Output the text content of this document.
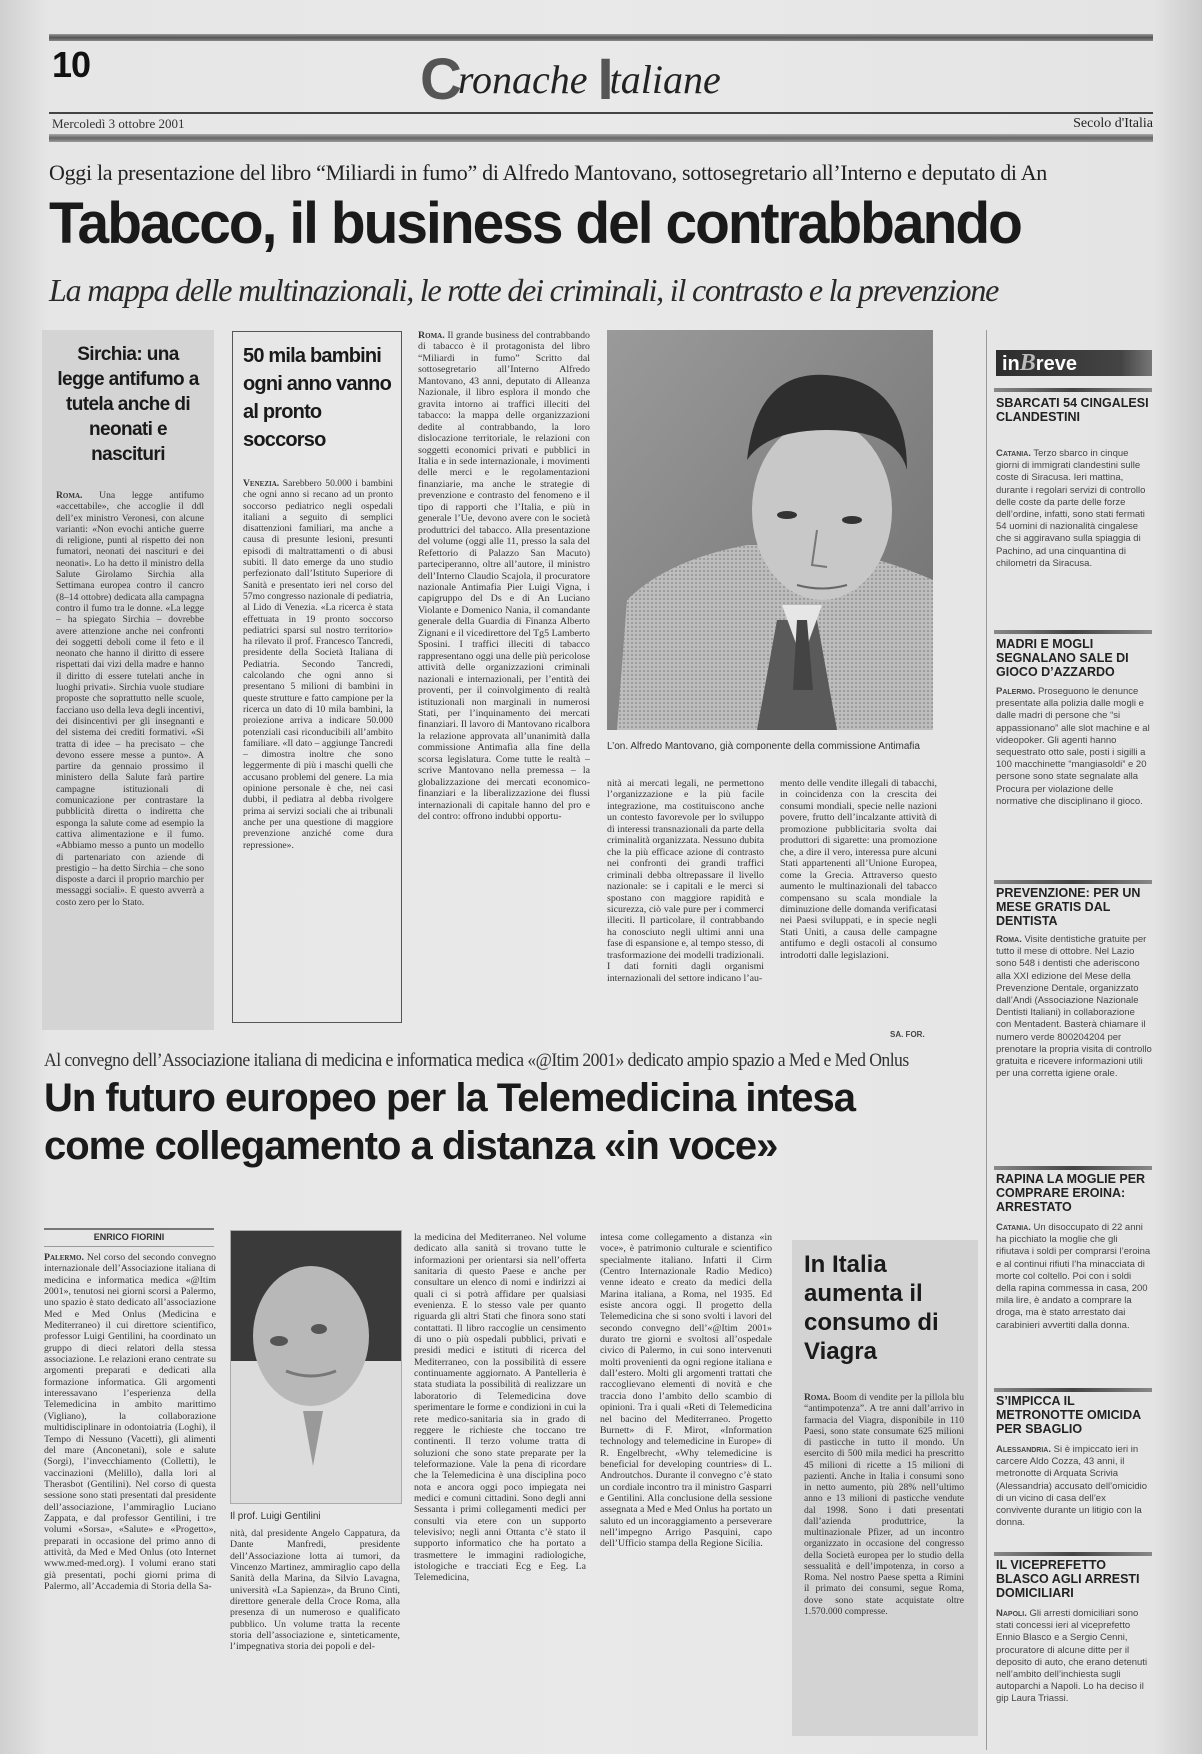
10	Cronache Italiane
Mercoledì 3 ottobre 2001	Secolo d'Italia
Oggi la presentazione del libro “Miliardi in fumo” di Alfredo Mantovano, sottosegretario all’Interno e deputato di An
Tabacco, il business del contrabbando
La mappa delle multinazionali, le rotte dei criminali, il contrasto e la prevenzione
Sirchia: una legge antifumo a tutela anche di neonati e nascituri
Roma. Una legge antifumo «accettabile», che accoglie il ddl dell’ex ministro Veronesi, con alcune varianti: «Non evochi antiche guerre di religione, punti al rispetto dei non fumatori, neonati dei nascituri e dei neonati». Lo ha detto il ministro della Salute Girolamo Sirchia alla Settimana europea contro il cancro (8–14 ottobre) dedicata alla campagna contro il fumo tra le donne. «La legge – ha spiegato Sirchia – dovrebbe avere attenzione anche nei confronti dei soggetti deboli come il feto e il neonato che hanno il diritto di essere rispettati dai vizi della madre e hanno il diritto di essere tutelati anche in luoghi privati». Sirchia vuole studiare proposte che soprattutto nelle scuole, facciano uso della leva degli incentivi, dei disincentivi per gli insegnanti e del sistema dei crediti formativi. «Si tratta di idee – ha precisato – che devono essere messe a punto». A partire da gennaio prossimo il ministero della Salute farà partire campagne istituzionali di comunicazione per contrastare la pubblicità diretta o indiretta che esponga la salute come ad esempio la cattiva alimentazione e il fumo. «Abbiamo messo a punto un modello di partenariato con aziende di prestigio – ha detto Sirchia – che sono disposte a darci il proprio marchio per messaggi sociali». E questo avverrà a costo zero per lo Stato.
50 mila bambini ogni anno vanno al pronto soccorso
Venezia. Sarebbero 50.000 i bambini che ogni anno si recano ad un pronto soccorso pediatrico negli ospedali italiani a seguito di semplici disattenzioni familiari, ma anche a causa di presunte lesioni, presunti episodi di maltrattamenti o di abusi subiti. Il dato emerge da uno studio perfezionato dall’Istituto Superiore di Sanità e presentato ieri nel corso del 57mo congresso nazionale di pediatria, al Lido di Venezia. «La ricerca è stata effettuata in 19 pronto soccorso pediatrici sparsi sul nostro territorio» ha rilevato il prof. Francesco Tancredi, presidente della Società Italiana di Pediatria. Secondo Tancredi, calcolando che ogni anno si presentano 5 milioni di bambini in queste strutture e fatto campione per la ricerca un dato di 10 mila bambini, la proiezione arriva a indicare 50.000 potenziali casi riconducibili all’ambito familiare. «Il dato – aggiunge Tancredi – dimostra inoltre che sono leggermente di più i maschi quelli che accusano problemi del genere. La mia opinione personale è che, nei casi dubbi, il pediatra al debba rivolgere prima ai servizi sociali che ai tribunali anche per una questione di maggiore prevenzione anziché come dura repressione».
Roma. Il grande business del contrabbando di tabacco è il protagonista del libro “Miliardi in fumo” Scritto dal sottosegretario all’Interno Alfredo Mantovano, 43 anni, deputato di Alleanza Nazionale, il libro esplora il mondo che gravita intorno ai traffici illeciti del tabacco: la mappa delle organizzazioni dedite al contrabbando, la loro dislocazione territoriale, le relazioni con soggetti economici privati e pubblici in Italia e in sede internazionale, i movimenti delle merci e le regolamentazioni finanziarie, ma anche le strategie di prevenzione e contrasto del fenomeno e il tipo di rapporti che l’Italia, e più in generale l’Ue, devono avere con le società produttrici del tabacco. Alla presentazione del volume (oggi alle 11, presso la sala del Refettorio di Palazzo San Macuto) parteciperanno, oltre all’autore, il ministro dell’Interno Claudio Scajola, il procuratore nazionale Antimafia Pier Luigi Vigna, i capigruppo del Ds e di An Luciano Violante e Domenico Nania, il comandante generale della Guardia di Finanza Alberto Zignani e il vicedirettore del Tg5 Lamberto Sposini. I traffici illeciti di tabacco rappresentano oggi una delle più pericolose attività delle organizzazioni criminali nazionali e internazionali, per l’entità dei proventi, per il coinvolgimento di realtà istituzionali non marginali in numerosi Stati, per l’inquinamento dei mercati finanziari. Il lavoro di Mantovano ricalbora la relazione approvata all’unanimità dalla commissione Antimafia alla fine della scorsa legislatura. Come tutte le realtà – scrive Mantovano nella premessa – la globalizzazione dei mercati economico-finanziari e la liberalizzazione dei flussi internazionali di capitale hanno del pro e del contro: offrono indubbi opportu-
L’on. Alfredo Mantovano, già componente della commissione Antimafia
nità ai mercati legali, ne permettono l’organizzazione e la più facile integrazione, ma costituiscono anche un contesto favorevole per lo sviluppo di interessi transnazionali da parte della criminalità organizzata. Nessuno dubita che la più efficace azione di contrasto nei confronti dei grandi traffici criminali debba oltrepassare il livello nazionale: se i capitali e le merci si spostano con maggiore rapidità e sicurezza, ciò vale pure per i commerci illeciti. Il particolare, il contrabbando ha conosciuto negli ultimi anni una fase di espansione e, al tempo stesso, di trasformazione dei modelli tradizionali. I dati forniti dagli organismi internazionali del settore indicano l’au-
mento delle vendite illegali di tabacchi, in coincidenza con la crescita dei consumi mondiali, specie nelle nazioni povere, frutto dell’incalzante attività di promozione pubblicitaria svolta dai produttori di sigarette: una promozione che, a dire il vero, interessa pure alcuni Stati appartenenti all’Unione Europea, come la Grecia. Attraverso questo aumento le multinazionali del tabacco compensano su scala mondiale la diminuzione delle domanda verificatasi nei Paesi sviluppati, e in specie negli Stati Uniti, a causa delle campagne antifumo e degli ostacoli al consumo introdotti dalle legislazioni.
SA. FOR.
inBreve
SBARCATI 54 CINGALESI CLANDESTINI
Catania. Terzo sbarco in cinque giorni di immigrati clandestini sulle coste di Siracusa. Ieri mattina, durante i regolari servizi di controllo delle coste da parte delle forze dell’ordine, infatti, sono stati fermati 54 uomini di nazionalità cingalese che si aggiravano sulla spiaggia di Pachino, ad una cinquantina di chilometri da Siracusa.
MADRI E MOGLI SEGNALANO SALE DI GIOCO D’AZZARDO
Palermo. Proseguono le denunce presentate alla polizia dalle mogli e dalle madri di persone che “si appassionano” alle slot machine e al videopoker. Gli agenti hanno sequestrato otto sale, posti i sigilli a 100 macchinette “mangiasoldi” e 20 persone sono state segnalate alla Procura per violazione delle normative che disciplinano il gioco.
PREVENZIONE: PER UN MESE GRATIS DAL DENTISTA
Roma. Visite dentistiche gratuite per tutto il mese di ottobre. Nel Lazio sono 548 i dentisti che aderiscono alla XXI edizione del Mese della Prevenzione Dentale, organizzato dall’Andi (Associazione Nazionale Dentisti Italiani) in collaborazione con Mentadent. Basterà chiamare il numero verde 800204204 per prenotare la propria visita di controllo gratuita e ricevere informazioni utili per una corretta igiene orale.
RAPINA LA MOGLIE PER COMPRARE EROINA: ARRESTATO
Catania. Un disoccupato di 22 anni ha picchiato la moglie che gli rifiutava i soldi per comprarsi l’eroina e al continui rifiuti l’ha minacciata di morte col coltello. Poi con i soldi della rapina commessa in casa, 200 mila lire, è andato a comprare la droga, ma è stato arrestato dai carabinieri avvertiti dalla donna.
S’IMPICCA IL METRONOTTE OMICIDA PER SBAGLIO
Alessandria. Si è impiccato ieri in carcere Aldo Cozza, 43 anni, il metronotte di Arquata Scrivia (Alessandria) accusato dell’omicidio di un vicino di casa dell’ex convivente durante un litigio con la donna.
IL VICEPREFETTO BLASCO AGLI ARRESTI DOMICILIARI
Napoli. Gli arresti domiciliari sono stati concessi ieri al viceprefetto Ennio Blasco e a Sergio Cenni, procuratore di alcune ditte per il deposito di auto, che erano detenuti nell’ambito dell’inchiesta sugli autoparchi a Napoli. Lo ha deciso il gip Laura Triassi.
Al convegno dell’Associazione italiana di medicina e informatica medica «@Itim 2001» dedicato ampio spazio a Med e Med Onlus
Un futuro europeo per la Telemedicina intesa
come collegamento a distanza «in voce»
ENRICO FIORINI
Palermo. Nel corso del secondo convegno internazionale dell’Associazione italiana di medicina e informatica medica «@Itim 2001», tenutosi nei giorni scorsi a Palermo, uno spazio è stato dedicato all’associazione Med e Med Onlus (Medicina e Mediterraneo) il cui direttore scientifico, professor Luigi Gentilini, ha coordinato un gruppo di dieci relatori della stessa associazione. Le relazioni erano centrate su argomenti preparati e dedicati alla formazione informatica. Gli argomenti interessavano l’esperienza della Telemedicina in ambito marittimo (Vigliano), la collaborazione multidisciplinare in odontoiatria (Loghi), il Tempo di Nessuno (Vacetti), gli alimenti del mare (Anconetani), sole e salute (Sorgi), l’invecchiamento (Colletti), le vaccinazioni (Melillo), dalla lori al Therasbot (Gentilini). Nel corso di questa sessione sono stati presentati dal presidente dell’associazione, l’ammiraglio Luciano Zappata, e dal professor Gentilini, i tre volumi «Sorsa», «Salute» e «Progetto», preparati in occasione del primo anno di attività, da Med e Med Onlus (oto Internet www.med-med.org). I volumi erano stati già presentati, pochi giorni prima di Palermo, all’Accademia di Storia della Sa-
Il prof. Luigi Gentilini
nità, dal presidente Angelo Cappatura, da Dante Manfredi, presidente dell’Associazione lotta ai tumori, da Vincenzo Martinez, ammiraglio capo della Sanità della Marina, da Silvio Lavagna, università «La Sapienza», da Bruno Cinti, direttore generale della Croce Roma, alla presenza di un numeroso e qualificato pubblico. Un volume tratta la recente storia dell’associazione e, sinteticamente, l’impegnativa storia dei popoli e del-
la medicina del Mediterraneo. Nel volume dedicato alla sanità si trovano tutte le informazioni per orientarsi sia nell’offerta sanitaria di questo Paese e anche per consultare un elenco di nomi e indirizzi ai quali ci si potrà affidare per qualsiasi evenienza. E lo stesso vale per quanto riguarda gli altri Stati che finora sono stati contattati. Il libro raccoglie un censimento di uno o più ospedali pubblici, privati e presidi medici e istituti di ricerca del Mediterraneo, con la possibilità di essere continuamente aggiornato. A Pantelleria è stata studiata la possibilità di realizzare un laboratorio di Telemedicina dove sperimentare le forme e condizioni in cui la rete medico-sanitaria sia in grado di reggere le richieste che toccano tre continenti. Il terzo volume tratta di soluzioni che sono state preparate per la teleformazione. Vale la pena di ricordare che la Telemedicina è una disciplina poco nota e ancora oggi poco impiegata nei medici e comuni cittadini. Sono degli anni Sessanta i primi collegamenti medici per consulti via etere con un supporto televisivo; negli anni Ottanta c’è stato il supporto informatico che ha portato a trasmettere le immagini radiologiche, istologiche e tracciati Ecg e Eeg. La Telemedicina,
intesa come collegamento a distanza «in voce», è patrimonio culturale e scientifico specialmente italiano. Infatti il Cirm (Centro Internazionale Radio Medico) venne ideato e creato da medici della Marina italiana, a Roma, nel 1935. Ed esiste ancora oggi. Il progetto della Telemedicina che si sono svolti i lavori del secondo convegno dell’«@Itim 2001» durato tre giorni e svoltosi all’ospedale civico di Palermo, in cui sono intervenuti molti provenienti da ogni regione italiana e dall’estero. Molti gli argomenti trattati che raccoglievano elementi di novità e che traccia dono l’ambito dello scambio di opinioni. Tra i quali «Reti di Telemedicina nel bacino del Mediterraneo. Progetto Burnett» di F. Mirot, «Information technology and telemedicine in Europe» di R. Engelbrecht, «Why telemedicine is beneficial for developing countries» di L. Androutchos. Durante il convegno c’è stato un cordiale incontro tra il ministro Gasparri e Gentilini. Alla conclusione della sessione assegnata a Med e Med Onlus ha portato un saluto ed un incoraggiamento a perseverare nell’impegno Arrigo Pasquini, capo dell’Ufficio stampa della Regione Sicilia.
In Italia aumenta il consumo di Viagra
Roma. Boom di vendite per la pillola blu “antimpotenza”. A tre anni dall’arrivo in farmacia del Viagra, disponibile in 110 Paesi, sono state consumate 625 milioni di pasticche in tutto il mondo. Un esercito di 500 mila medici ha prescritto 45 milioni di ricette a 15 milioni di pazienti. Anche in Italia i consumi sono in netto aumento, più 28% nell’ultimo anno e 13 milioni di pasticche vendute dal 1998. Sono i dati presentati dall’azienda produttrice, la multinazionale Pfizer, ad un incontro organizzato in occasione del congresso della Società europea per lo studio della sessualità e dell’impotenza, in corso a Roma. Nel nostro Paese spetta a Rimini il primato dei consumi, segue Roma, dove sono state acquistate oltre 1.570.000 compresse.
